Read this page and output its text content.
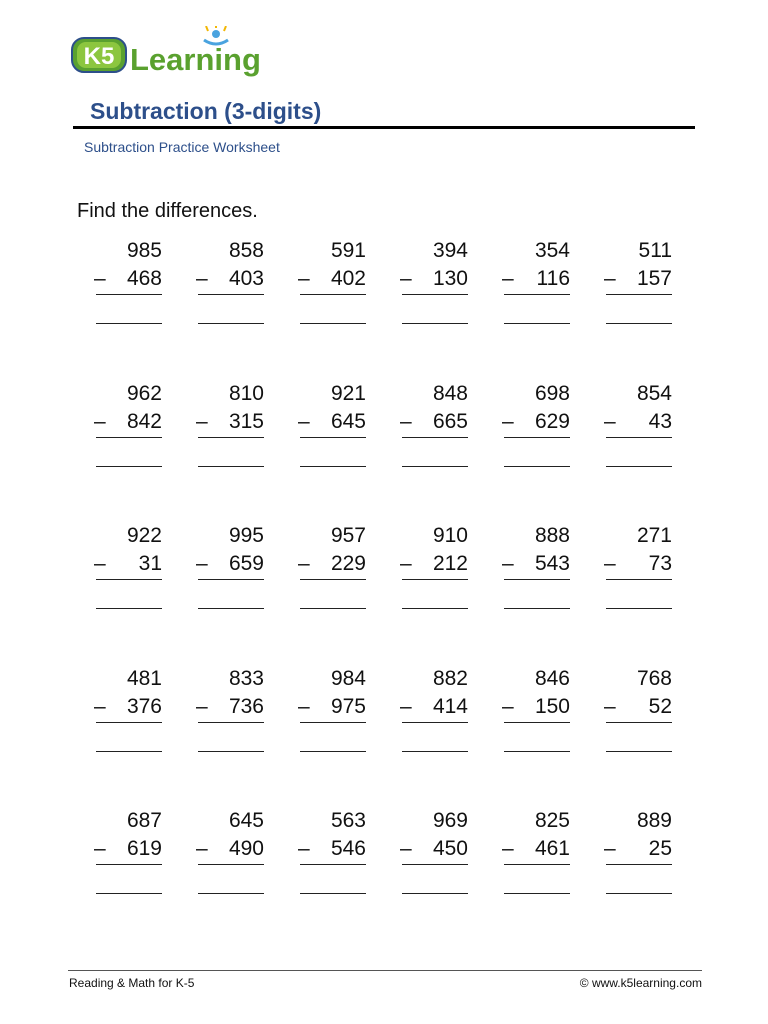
K5 Learning
Subtraction (3-digits)
Subtraction Practice Worksheet
Find the differences.
985
– 468
858
– 403
591
– 402
394
– 130
354
– 116
511
– 157
962
– 842
810
– 315
921
– 645
848
– 665
698
– 629
854
– 43
922
– 31
995
– 659
957
– 229
910
– 212
888
– 543
271
– 73
481
– 376
833
– 736
984
– 975
882
– 414
846
– 150
768
– 52
687
– 619
645
– 490
563
– 546
969
– 450
825
– 461
889
– 25
Reading & Math for K-5	© www.k5learning.com
